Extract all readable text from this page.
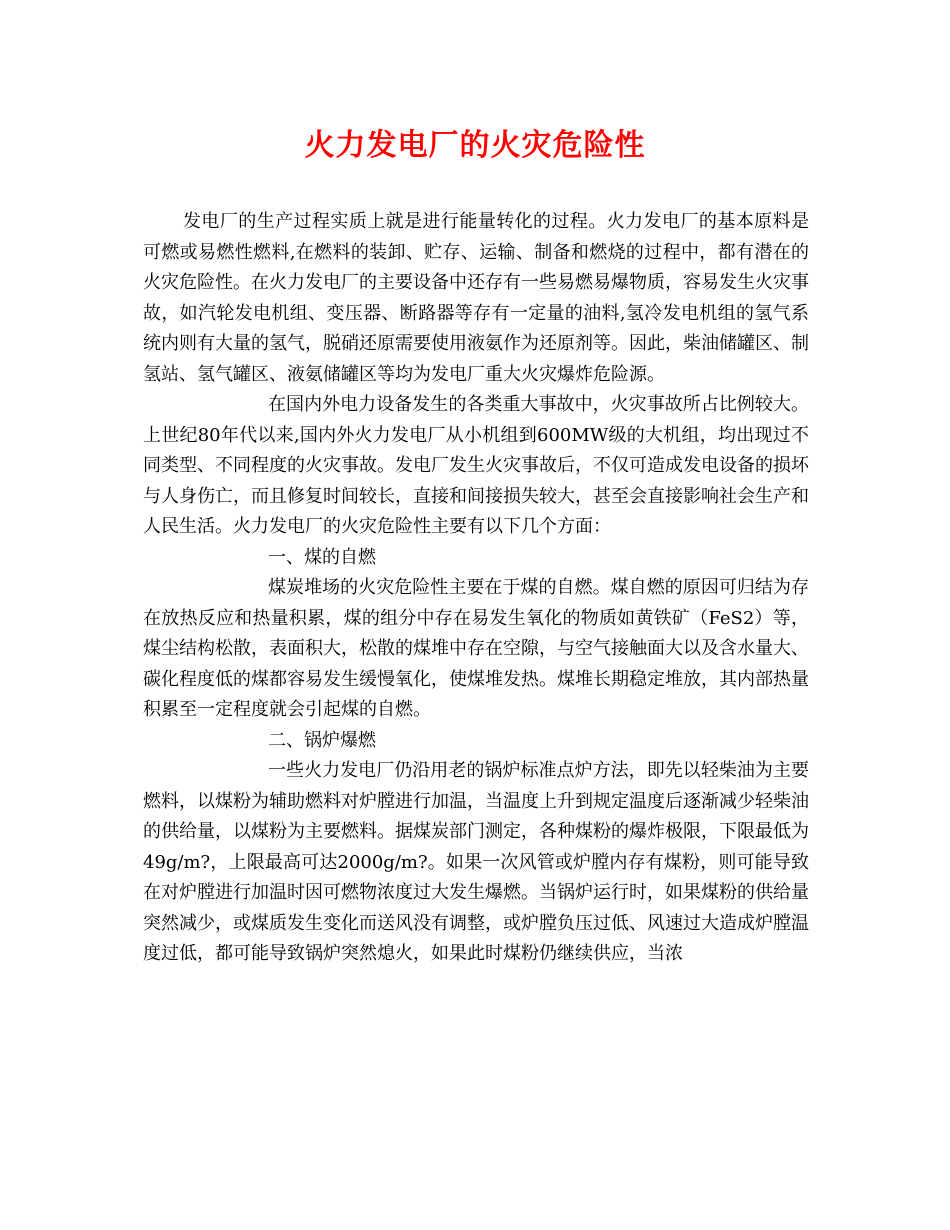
火力发电厂的火灾危险性

发电厂的生产过程实质上就是进行能量转化的过程。火力发电厂的基本原料是可燃或易燃性燃料,在燃料的装卸、贮存、运输、制备和燃烧的过程中，都有潜在的火灾危险性。在火力发电厂的主要设备中还存有一些易燃易爆物质，容易发生火灾事故，如汽轮发电机组、变压器、断路器等存有一定量的油料,氢冷发电机组的氢气系统内则有大量的氢气，脱硝还原需要使用液氨作为还原剂等。因此，柴油储罐区、制氢站、氢气罐区、液氨储罐区等均为发电厂重大火灾爆炸危险源。

在国内外电力设备发生的各类重大事故中，火灾事故所占比例较大。上世纪80年代以来,国内外火力发电厂从小机组到600MW级的大机组，均出现过不同类型、不同程度的火灾事故。发电厂发生火灾事故后，不仅可造成发电设备的损坏与人身伤亡，而且修复时间较长，直接和间接损失较大，甚至会直接影响社会生产和人民生活。火力发电厂的火灾危险性主要有以下几个方面：

一、煤的自燃

煤炭堆场的火灾危险性主要在于煤的自燃。煤自燃的原因可归结为存在放热反应和热量积累，煤的组分中存在易发生氧化的物质如黄铁矿（FeS2）等，煤尘结构松散，表面积大，松散的煤堆中存在空隙，与空气接触面大以及含水量大、碳化程度低的煤都容易发生缓慢氧化，使煤堆发热。煤堆长期稳定堆放，其内部热量积累至一定程度就会引起煤的自燃。

二、锅炉爆燃

一些火力发电厂仍沿用老的锅炉标准点炉方法，即先以轻柴油为主要燃料，以煤粉为辅助燃料对炉膛进行加温，当温度上升到规定温度后逐渐减少轻柴油的供给量，以煤粉为主要燃料。据煤炭部门测定，各种煤粉的爆炸极限，下限最低为49g/m?，上限最高可达2000g/m?。如果一次风管或炉膛内存有煤粉，则可能导致在对炉膛进行加温时因可燃物浓度过大发生爆燃。当锅炉运行时，如果煤粉的供给量突然减少，或煤质发生变化而送风没有调整，或炉膛负压过低、风速过大造成炉膛温度过低，都可能导致锅炉突然熄火，如果此时煤粉仍继续供应，当浓
